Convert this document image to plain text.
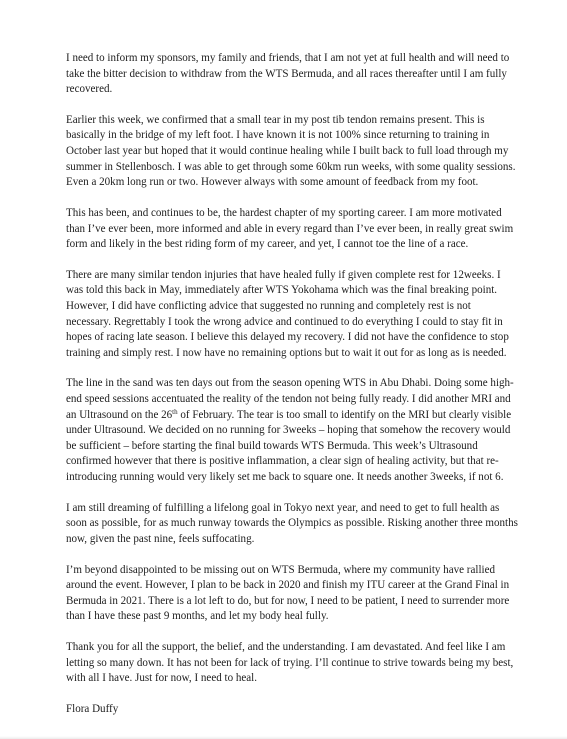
I need to inform my sponsors, my family and friends, that I am not yet at full health and will need to take the bitter decision to withdraw from the WTS Bermuda, and all races thereafter until I am fully recovered.

Earlier this week, we confirmed that a small tear in my post tib tendon remains present. This is basically in the bridge of my left foot. I have known it is not 100% since returning to training in October last year but hoped that it would continue healing while I built back to full load through my summer in Stellenbosch. I was able to get through some 60km run weeks, with some quality sessions. Even a 20km long run or two. However always with some amount of feedback from my foot.

This has been, and continues to be, the hardest chapter of my sporting career. I am more motivated than I’ve ever been, more informed and able in every regard than I’ve ever been, in really great swim form and likely in the best riding form of my career, and yet, I cannot toe the line of a race.

There are many similar tendon injuries that have healed fully if given complete rest for 12weeks. I was told this back in May, immediately after WTS Yokohama which was the final breaking point. However, I did have conflicting advice that suggested no running and completely rest is not necessary. Regrettably I took the wrong advice and continued to do everything I could to stay fit in hopes of racing late season. I believe this delayed my recovery. I did not have the confidence to stop training and simply rest. I now have no remaining options but to wait it out for as long as is needed.

The line in the sand was ten days out from the season opening WTS in Abu Dhabi. Doing some high-end speed sessions accentuated the reality of the tendon not being fully ready. I did another MRI and an Ultrasound on the 26th of February. The tear is too small to identify on the MRI but clearly visible under Ultrasound. We decided on no running for 3weeks – hoping that somehow the recovery would be sufficient – before starting the final build towards WTS Bermuda. This week’s Ultrasound confirmed however that there is positive inflammation, a clear sign of healing activity, but that re-introducing running would very likely set me back to square one. It needs another 3weeks, if not 6.

I am still dreaming of fulfilling a lifelong goal in Tokyo next year, and need to get to full health as soon as possible, for as much runway towards the Olympics as possible. Risking another three months now, given the past nine, feels suffocating.

I’m beyond disappointed to be missing out on WTS Bermuda, where my community have rallied around the event. However, I plan to be back in 2020 and finish my ITU career at the Grand Final in Bermuda in 2021. There is a lot left to do, but for now, I need to be patient, I need to surrender more than I have these past 9 months, and let my body heal fully.

Thank you for all the support, the belief, and the understanding. I am devastated. And feel like I am letting so many down. It has not been for lack of trying. I’ll continue to strive towards being my best, with all I have. Just for now, I need to heal.

Flora Duffy
